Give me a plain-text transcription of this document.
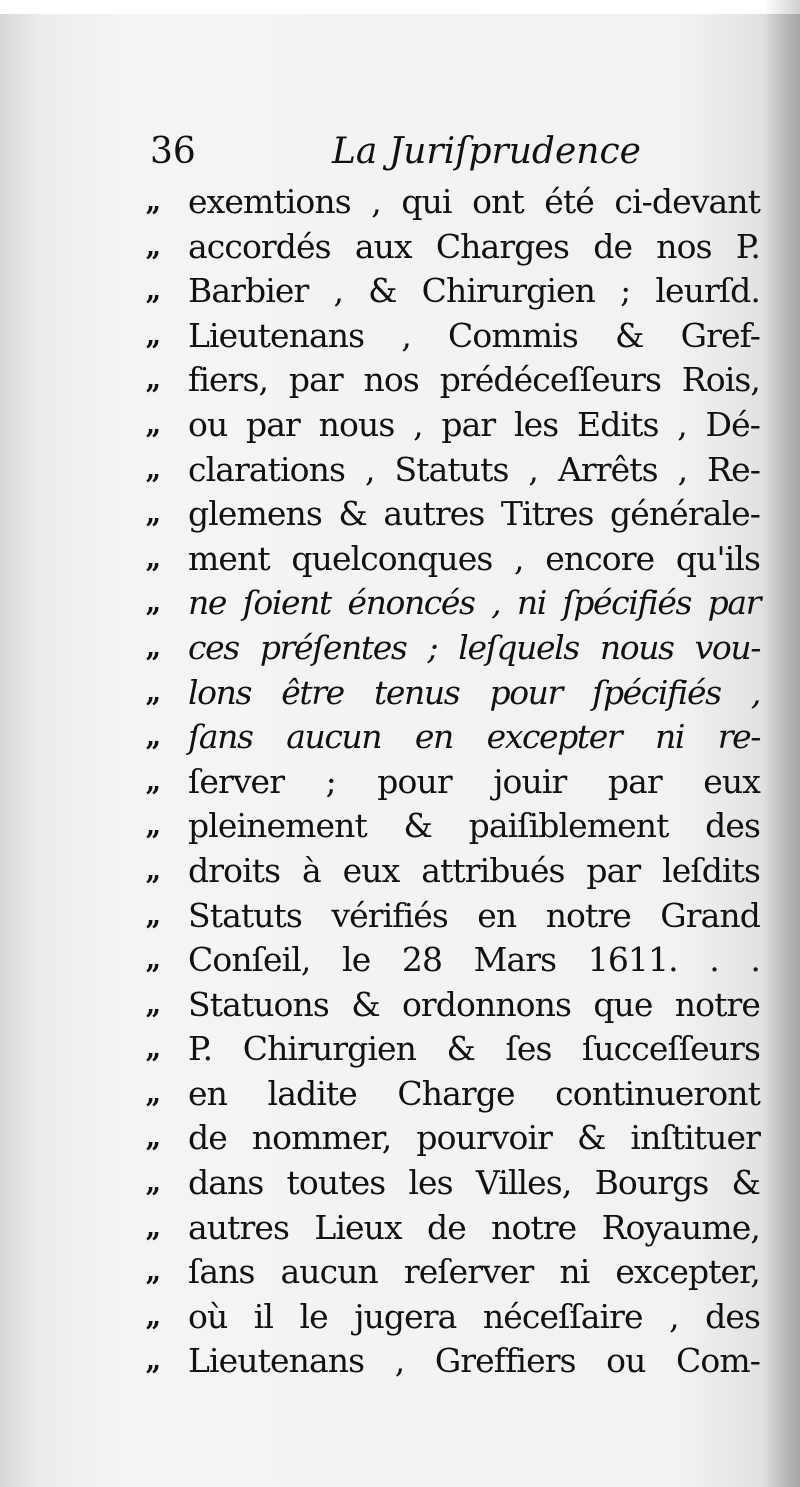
36	La Juriſprudence
,, exemtions , qui ont été ci-devant
,, accordés aux Charges de nos P.
,, Barbier , & Chirurgien ; leurſd.
,, Lieutenans , Commis & Gref-
,, fiers, par nos prédéceſſeurs Rois,
,, ou par nous , par les Edits , Dé-
,, clarations , Statuts , Arrêts , Re-
,, glemens & autres Titres générale-
,, ment quelconques , encore qu'ils
,, ne ſoient énoncés , ni ſpécifiés par
,, ces préſentes ; leſquels nous vou-
,, lons être tenus pour ſpécifiés ,
,, ſans aucun en excepter ni re-
,, ſerver ; pour jouir par eux
,, pleinement & paiſiblement des
,, droits à eux attribués par leſdits
,, Statuts vérifiés en notre Grand
,, Conſeil, le 28 Mars 1611. . .
,, Statuons & ordonnons que notre
,, P. Chirurgien & ſes ſucceſſeurs
,, en ladite Charge continueront
,, de nommer, pourvoir & inſtituer
,, dans toutes les Villes, Bourgs &
,, autres Lieux de notre Royaume,
,, ſans aucun reſerver ni excepter,
,, où il le jugera néceſſaire , des
,, Lieutenans , Greffiers ou Com-
